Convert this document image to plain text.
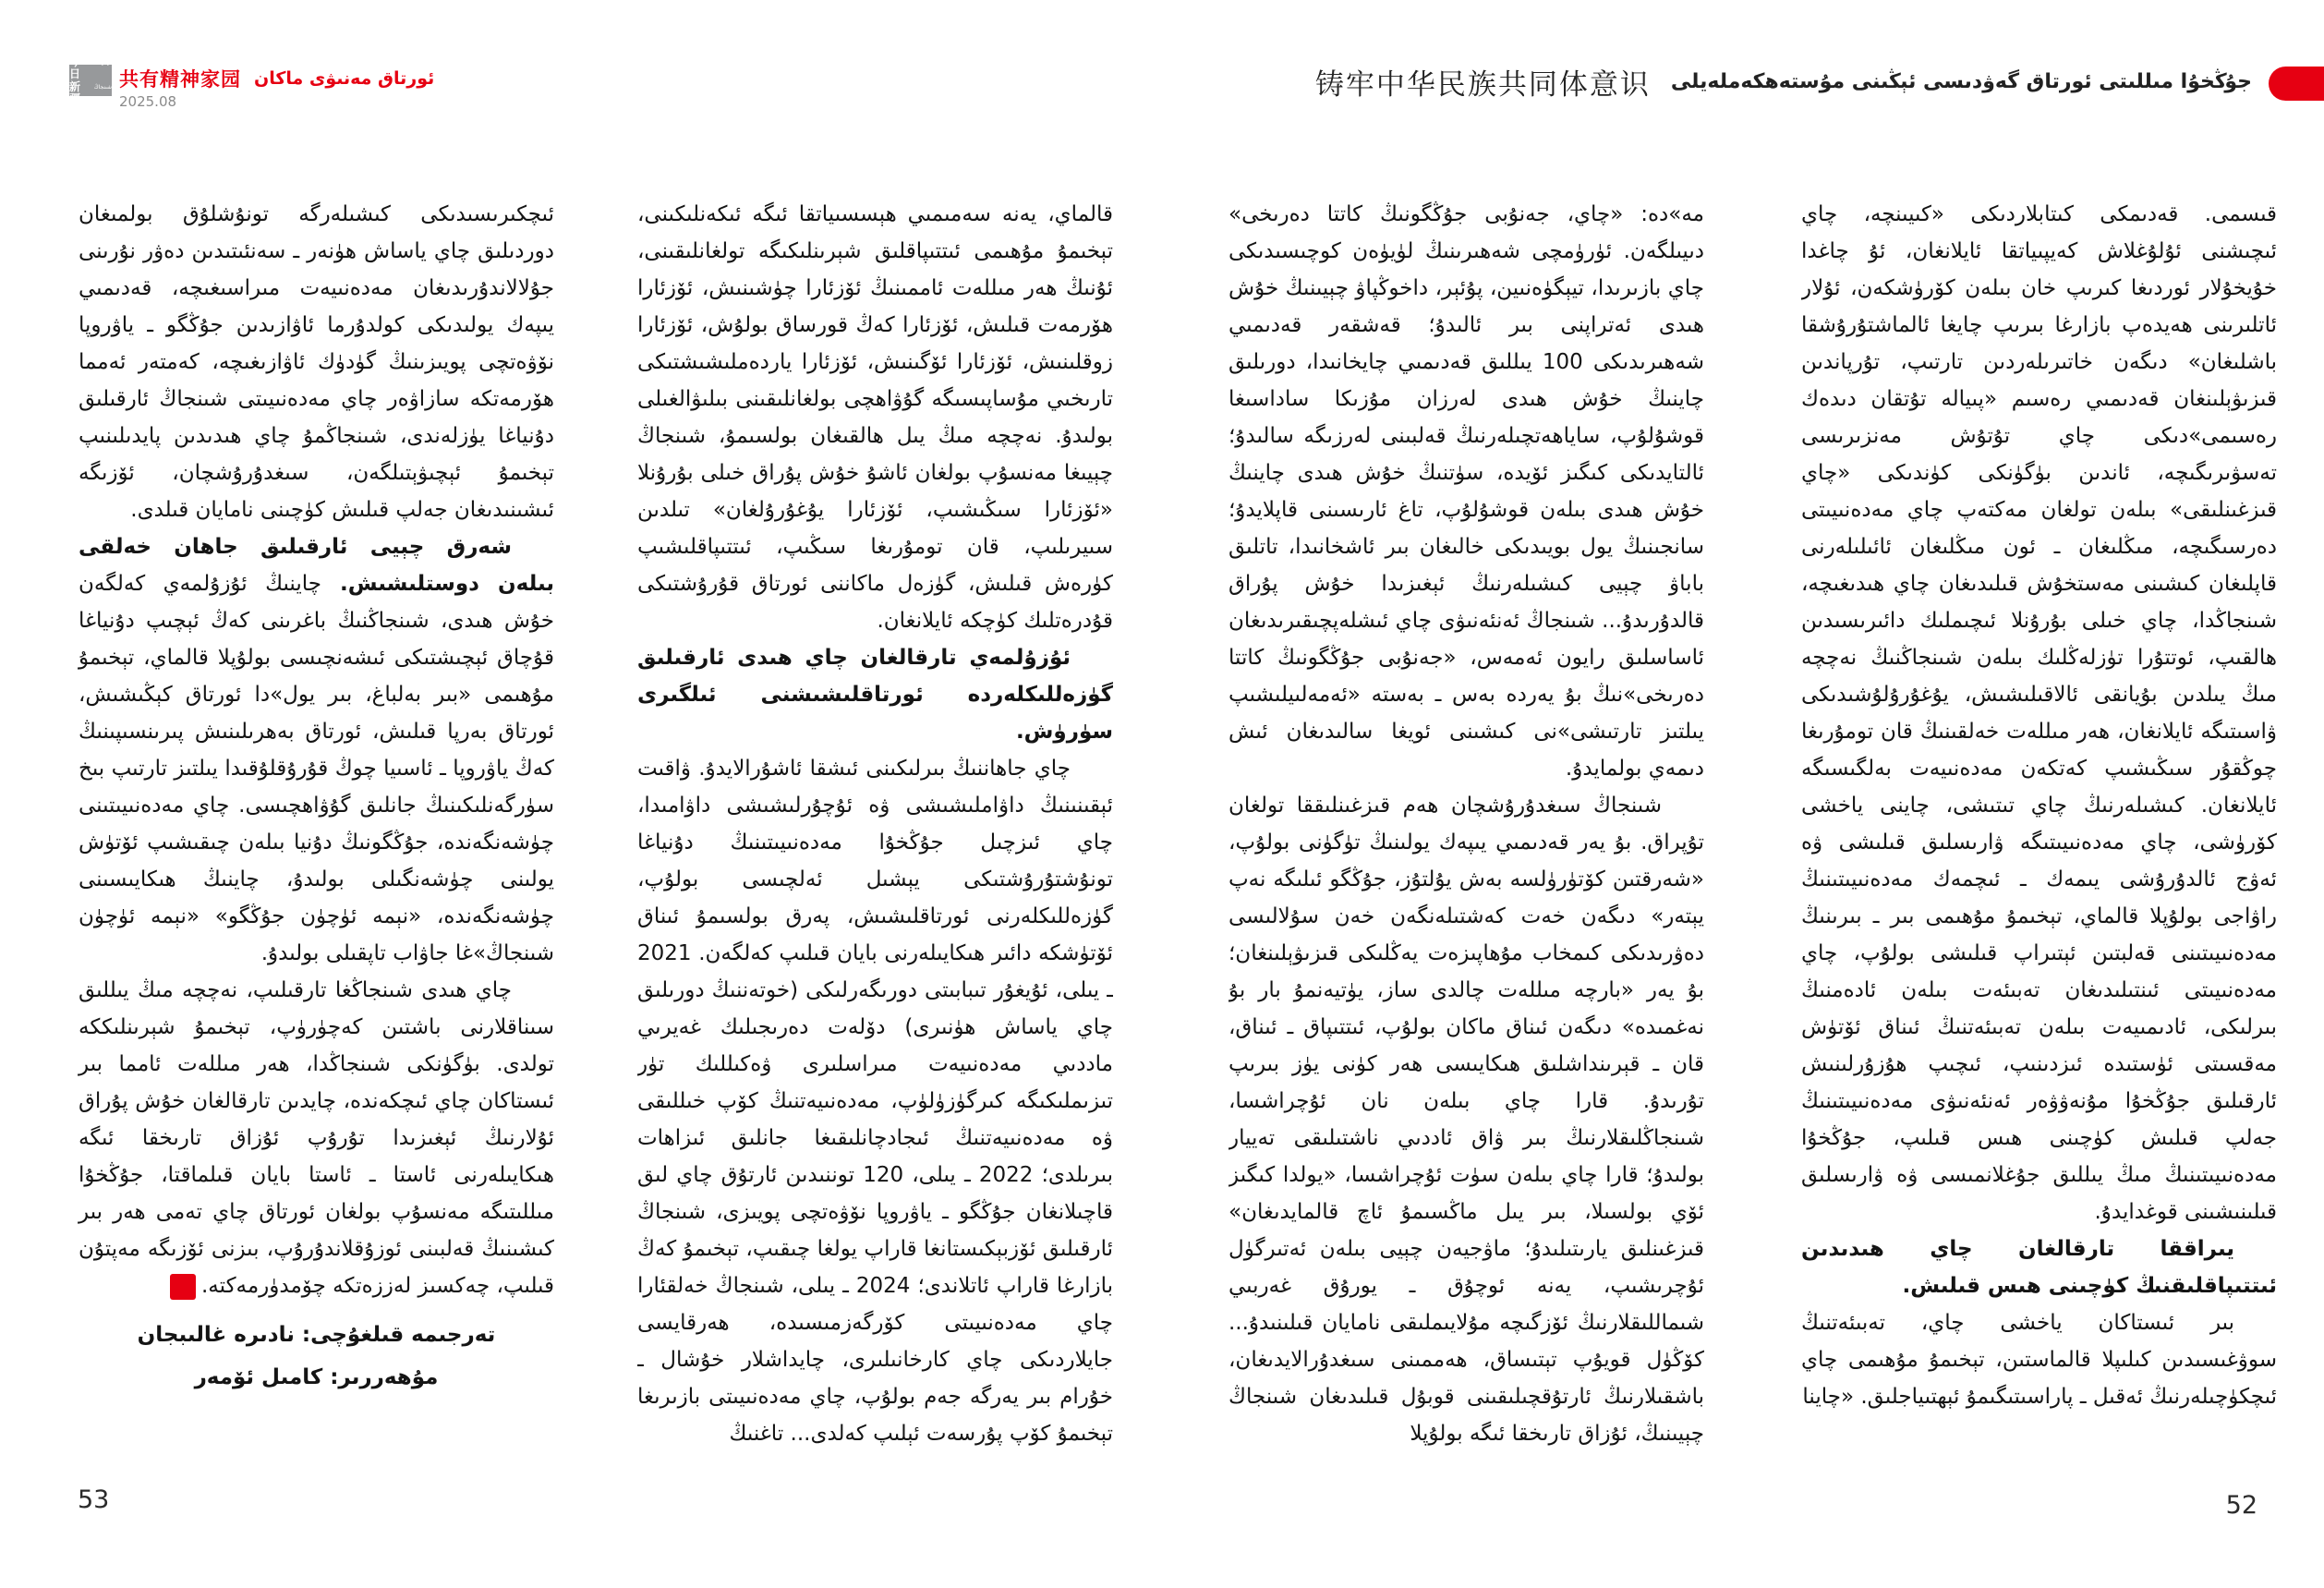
今日
بۈگۈنكى
新疆
شىنجاڭ 共有精神家园 ئورتاق مەنىۋى ماكان
2025.08	铸牢中华民族共同体意识 جۇڭخۇا مىللىتى ئورتاق گەۋدىسى ئېڭىنى مۇستەھكەملەيلى

ئىچكىرىسىدىكى كىشىلەرگە تونۇشلۇق بولمىغان دوردىلىق چاي ياساش ھۈنەر ـ سەنئىتىدىن دەۋر نۇرىنى جۇلالاندۇرىدىغان مەدەنىيەت مىراسىغىچە، قەدىمىي يىپەك يولىدىكى كولدۇرما ئاۋازىدىن جۇڭگو ـ ياۋروپا نۆۋەتچى پويىزىنىڭ گۈدۈك ئاۋازىغىچە، كەمتەر ئەمما ھۆرمەتكە سازاۋەر چاي مەدەنىيىتى شىنجاڭ ئارقىلىق دۇنياغا يۈزلەندى، شىنجاڭمۇ چاي ھىدىدىن پايدىلىنىپ تېخىمۇ ئېچىۋېتىلگەن، سىغدۇرۇشچان، ئۆزىگە ئىشىنىدىغان جەلپ قىلىش كۈچىنى نامايان قىلدى.

شەرق چېيى ئارقىلىق جاھان خەلقى بىلەن دوستلىشىش. چاينىڭ ئۇزۇلمەي كەلگەن خۇش ھىدى، شىنجاڭنىڭ باغرىنى كەڭ ئېچىپ دۇنياغا قۇچاق ئېچىشتىكى ئىشەنچىسى بولۇپلا قالماي، تېخىمۇ مۇھىمى «بىر بەلباغ، بىر يول»دا ئورتاق كېڭىشىش، ئورتاق بەرپا قىلىش، ئورتاق بەھرىلىنىش پىرىنسىپىنىڭ كەڭ ياۋروپا ـ ئاسىيا چوڭ قۇرۇقلۇقىدا يىلتىز تارتىپ بىخ سۈرگەنلىكىنىڭ جانلىق گۇۋاھچىسى. چاي مەدەنىيىتىنى چۈشەنگەندە، جۇڭگونىڭ دۇنيا بىلەن چىقىشىپ ئۆتۈش يولىنى چۈشەنگىلى بولىدۇ، چاينىڭ ھىكايىسىنى چۈشەنگەندە، «نېمە ئۈچۈن جۇڭگو» «نېمە ئۈچۈن شىنجاڭ»غا جاۋاب تاپقىلى بولىدۇ.

چاي ھىدى شىنجاڭغا تارقىلىپ، نەچچە مىڭ يىللىق سىناقلارنى باشتىن كەچۈرۈپ، تېخىمۇ شېرىنلىككە تولدى. بۈگۈنكى شىنجاڭدا، ھەر مىللەت ئامما بىر ئىستاكان چاي ئىچكەندە، چايدىن تارقالغان خۇش پۇراق ئۇلارنىڭ ئېغىزىدا تۇرۇپ ئۇزاق تارىخقا ئىگە ھىكايىلەرنى ئاستا ـ ئاستا بايان قىلماقتا، جۇڭخۇا مىللىتىگە مەنسۇپ بولغان ئورتاق چاي تەمى ھەر بىر كىشىنىڭ قەلبىنى ئوزۇقلاندۇرۇپ، بىزنى ئۆزىگە مەپتۇن قىلىپ، چەكسىز لەززەتكە چۆمدۈرمەكتە.ر

تەرجىمە قىلغۇچى: نادىرە غالىبجان
مۇھەررىر: كامىل ئۆمەر

قالماي، يەنە سەمىمىي ھېسسىياتقا ئىگە ئىكەنلىكىنى، تېخىمۇ مۇھىمى ئىتتىپاقلىق شېرىنلىكىگە تولغانلىقىنى، ئۇنىڭ ھەر مىللەت ئاممىنىڭ ئۆزئارا چۈشىنىش، ئۆزئارا ھۆرمەت قىلىش، ئۆزئارا كەڭ قورساق بولۇش، ئۆزئارا زوقلىنىش، ئۆزئارا ئۆگىنىش، ئۆزئارا ياردەملىشىشتىكى تارىخىي مۇساپىسىگە گۇۋاھچى بولغانلىقىنى بىلىۋالغىلى بولىدۇ. نەچچە مىڭ يىل ھالقىغان بولسىمۇ، شىنجاڭ چېيىغا مەنسۇپ بولغان ئاشۇ خۇش پۇراق خىلى بۇرۇنلا «ئۆزئارا سىڭىشىپ، ئۆزئارا يۇغۇرۇلغان» تىلدىن سىيرىلىپ، قان تومۇرىغا سىڭىپ، ئىتتىپاقلىشىپ كۈرەش قىلىش، گۈزەل ماكاننى ئورتاق قۇرۇشتىكى قۇدرەتلىك كۈچكە ئايلانغان.

ئۇزۇلمەي تارقالغان چاي ھىدى ئارقىلىق گۈزەللىكلەردە ئورتاقلىشىشنى ئىلگىرى سۈرۈش.

چاي جاھاننىڭ بىرلىكىنى ئىشقا ئاشۇرالايدۇ. ۋاقىت ئېقىنىنىڭ داۋاملىشىشى ۋە ئۇچۇرلىشىشى داۋامىدا، چاي ئىزچىل جۇڭخۇا مەدەنىيىتىنىڭ دۇنياغا تونۇشتۇرۇشتىكى يېشىل ئەلچىسى بولۇپ، گۈزەللىكلەرنى ئورتاقلىشىش، پەرق بولسىمۇ ئىناق ئۆتۈشكە دائىر ھىكايىلەرنى بايان قىلىپ كەلگەن. 2021 ـ يىلى، ئۇيغۇر تىبابىتى دورىگەرلىكى (خوتەننىڭ دورىلىق چاي ياساش ھۈنىرى) دۆلەت دەرىجىلىك غەيرىي ماددىي مەدەنىيەت مىراسلىرى ۋەكىللىك تۈر تىزىملىكىگە كىرگۈزۈلۈپ، مەدەنىيەتنىڭ كۆپ خىللىقى ۋە مەدەنىيەتنىڭ ئىجادچانلىقىغا جانلىق ئىزاھات بىرىلدى؛ 2022 ـ يىلى، 120 توننىدىن ئارتۇق چاي لىق قاچىلانغان جۇڭگو ـ ياۋروپا نۆۋەتچى پويىزى، شىنجاڭ ئارقىلىق ئۆزبېكىستانغا قاراپ يولغا چىقىپ، تېخىمۇ كەڭ بازارغا قاراپ ئاتلاندى؛ 2024 ـ يىلى، شىنجاڭ خەلقئارا چاي مەدەنىيىتى كۆرگەزمىسىدە، ھەرقايسى جايلاردىكى چاي كارخانىلىرى، چايداشلار خۇشال ـ خۇرام بىر يەرگە جەم بولۇپ، چاي مەدەنىيىتى بازىرىغا تېخىمۇ كۆپ پۇرسەت ئېلىپ كەلدى... تاغنىڭ

مە»دە: «چاي، جەنۇبى جۇڭگونىڭ كاتتا دەرىخى» دىيىلگەن. ئۈرۈمچى شەھىرىنىڭ لۈيۈەن كوچىسىدىكى چاي بازىرىدا، تيېگۈەنىين، پۇئېر، داخوڭپاۋ چېيىنىڭ خۇش ھىدى ئەتراپنى بىر ئالىدۇ؛ قەشقەر قەدىمىي شەھىرىدىكى 100 يىللىق قەدىمىي چايخانىدا، دورىلىق چاينىڭ خۇش ھىدى لەرزان مۇزىكا ساداسىغا قوشۇلۇپ، ساياھەتچىلەرنىڭ قەلبىنى لەرزىگە سالىدۇ؛ ئالتايدىكى كىگىز ئۆيدە، سۈتنىڭ خۇش ھىدى چاينىڭ خۇش ھىدى بىلەن قوشۇلۇپ، تاغ ئارىسىنى قاپلايدۇ؛ سانجىنىڭ يول بويىدىكى خالىغان بىر ئاشخانىدا، تاتلىق باباۋ چېيى كىشىلەرنىڭ ئېغىزىدا خۇش پۇراق قالدۇرىدۇ... شىنجاڭ ئەنئەنىۋى چاي ئىشلەپچىقىرىدىغان ئاساسلىق رايون ئەمەس، «جەنۇبى جۇڭگونىڭ كاتتا دەرىخى»نىڭ بۇ يەردە بەس ـ بەستە «ئەمەلىيلىشىپ يىلتىز تارتىشى»نى كىشىنى ئويغا سالىدىغان ئىش دىمەي بولمايدۇ.

شىنجاڭ سىغدۇرۇشچان ھەم قىزغىنلىققا تولغان تۇپراق. بۇ يەر قەدىمىي يىپەك يولىنىڭ تۈگۈنى بولۇپ، «شەرقتىن كۆتۈرۈلسە بەش يۇلتۇز، جۇڭگو ئىلىگە نەپ يېتەر» دىگەن خەت كەشتىلەنگەن خەن سۇلالىسى دەۋرىدىكى كىمخاب مۇھاپىزەت يەڭلىكى قىزىۋېلىنغان؛ بۇ يەر «بارچە مىللەت چالدى ساز، يۈتيەنمۇ بار بۇ نەغمىدە» دىگەن ئىناق ماكان بولۇپ، ئىتتىپاق ـ ئىناق، قان ـ قېرىنداشلىق ھىكايىسى ھەر كۈنى يۈز بىرىپ تۇرىدۇ. قارا چاي بىلەن نان ئۇچراشسا، شىنجاڭلىقلارنىڭ بىر ۋاق ئاددىي ناشتىلىقى تەييار بولىدۇ؛ قارا چاي بىلەن سۈت ئۇچراشسا، «يولدا كىگىز ئۆي بولسىلا، بىر يىل ماڭسىمۇ ئاچ قالمايدىغان» قىزغىنلىق يارىتىلىدۇ؛ ماۋجيەن چېيى بىلەن ئەتىرگۈل ئۇچرىشىپ، يەنە ئوچۇق ـ يورۇق غەربىي شىماللىقلارنىڭ ئۆزگىچە مۇلايىملىقى نامايان قىلىنىدۇ... كۆڭۈل قويۇپ تېتىساق، ھەممىنى سىغدۇرالايدىغان، باشقىلارنىڭ ئارتۇقچىلىقىنى قوبۇل قىلىدىغان شىنجاڭ چېيىنىڭ، ئۇزاق تارىخقا ئىگە بولۇپلا

قىسمى. قەدىمكى كىتابلاردىكى «كىيىنچە، چاي ئىچىشنى ئۇلۇغلاش كەيپىياتقا ئايلانغان، ئۇ چاغدا خۇيخۇلار ئوردىغا كىرىپ خان بىلەن كۆرۈشكەن، ئۇلار ئاتلىرىنى ھەيدەپ بازارغا بىرىپ چايغا ئالماشتۇرۇشقا باشلىغان» دىگەن خاتىرىلەردىن تارتىپ، تۇرپاندىن قىزىۋېلىنغان قەدىمىي رەسىم «پىيالە تۇتقان دىدەك رەسىمى»دىكى چاي تۇتۇش مەنزىرىسى تەسۋىرىگىچە، ئاندىن بۈگۈنكى كۈندىكى «چاي قىزغىنلىقى» بىلەن تولغان مەكتەپ چاي مەدەنىيىتى دەرسىگىچە، مىڭلىغان ـ ئون مىڭلىغان ئائىلىلەرنى قاپلىغان كىشىنى مەستخۇش قىلىدىغان چاي ھىدىغىچە، شىنجاڭدا، چاي خىلى بۇرۇنلا ئىچىملىك دائىرىسىدىن ھالقىپ، ئوتتۇرا تۈزلەڭلىك بىلەن شىنجاڭنىڭ نەچچە مىڭ يىلدىن بۇيانقى ئالاقىلىشىش، يۇغۇرۇلۇشىدىكى ۋاسىتىگە ئايلانغان، ھەر مىللەت خەلقىنىڭ قان تومۇرىغا چوڭقۇر سىڭىشىپ كەتكەن مەدەنىيەت بەلگىسىگە ئايلانغان. كىشىلەرنىڭ چاي تىتىشى، چاينى ياخشى كۆرۈشى، چاي مەدەنىيىتىگە ۋارىسلىق قىلىشى ۋە ئەۋج ئالدۇرۇشى يىمەك ـ ئىچمەك مەدەنىيىتىنىڭ راۋاجى بولۇپلا قالماي، تېخىمۇ مۇھىمى بىر ـ بىرىنىڭ مەدەنىيىتىنى قەلبتىن ئېتىراپ قىلىشى بولۇپ، چاي مەدەنىيىتى ئىنتىلىدىغان تەبىئەت بىلەن ئادەمنىڭ بىرلىكى، ئادىمىيەت بىلەن تەبىئەتنىڭ ئىناق ئۆتۈش مەقسىتى ئۈستىدە ئىزدىنىپ، ئىچىپ ھۇزۇرلىنىش ئارقىلىق جۇڭخۇا مۇنەۋۋەر ئەنئەنىۋى مەدەنىيىتىنىڭ جەلپ قىلىش كۈچىنى ھىس قىلىپ، جۇڭخۇا مەدەنىيىتىنىڭ مىڭ يىللىق جۇغلانمىسى ۋە ۋارىسلىق قىلىنىشىنى قوغدايدۇ.

يىراققا تارقالغان چاي ھىدىدىن ئىتتىپاقلىقنىڭ كۈچىنى ھىس قىلىش.

بىر ئىستاكان ياخشى چاي، تەبىئەتنىڭ سوۋغىسىدىن كىلىپلا قالماستىن، تېخىمۇ مۇھىمى چاي ئىچكۈچىلەرنىڭ ئەقىل ـ پاراسىتىگىمۇ ئېھتىياجلىق. «چاينا

53	52
